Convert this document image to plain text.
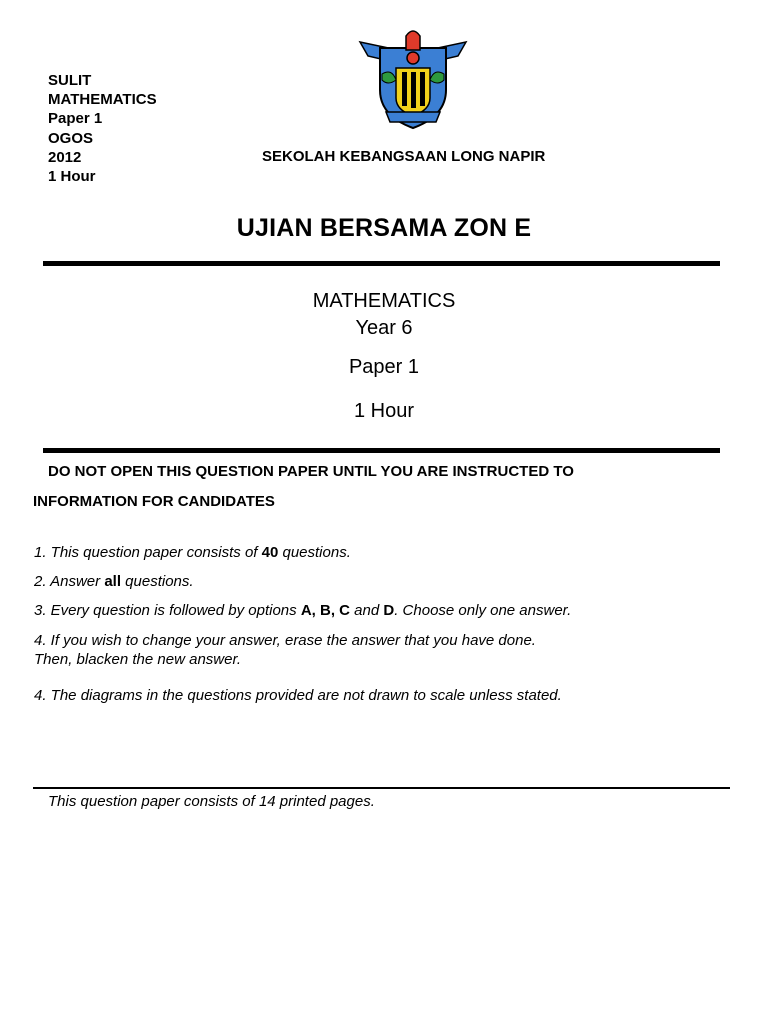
SULIT
MATHEMATICS
Paper 1
OGOS
2012
1 Hour
SEKOLAH KEBANGSAAN LONG NAPIR
UJIAN BERSAMA ZON E
MATHEMATICS
Year 6
Paper 1
1 Hour
DO NOT OPEN THIS QUESTION PAPER UNTIL YOU ARE INSTRUCTED TO
INFORMATION FOR CANDIDATES
1. This question paper consists of 40 questions.
2. Answer all questions.
3. Every question is followed by options A, B, C and D. Choose only one answer.
4. If you wish to change your answer, erase the answer that you have done.
Then, blacken the new answer.
4. The diagrams in the questions provided are not drawn to scale unless stated.
This question paper consists of 14 printed pages.
